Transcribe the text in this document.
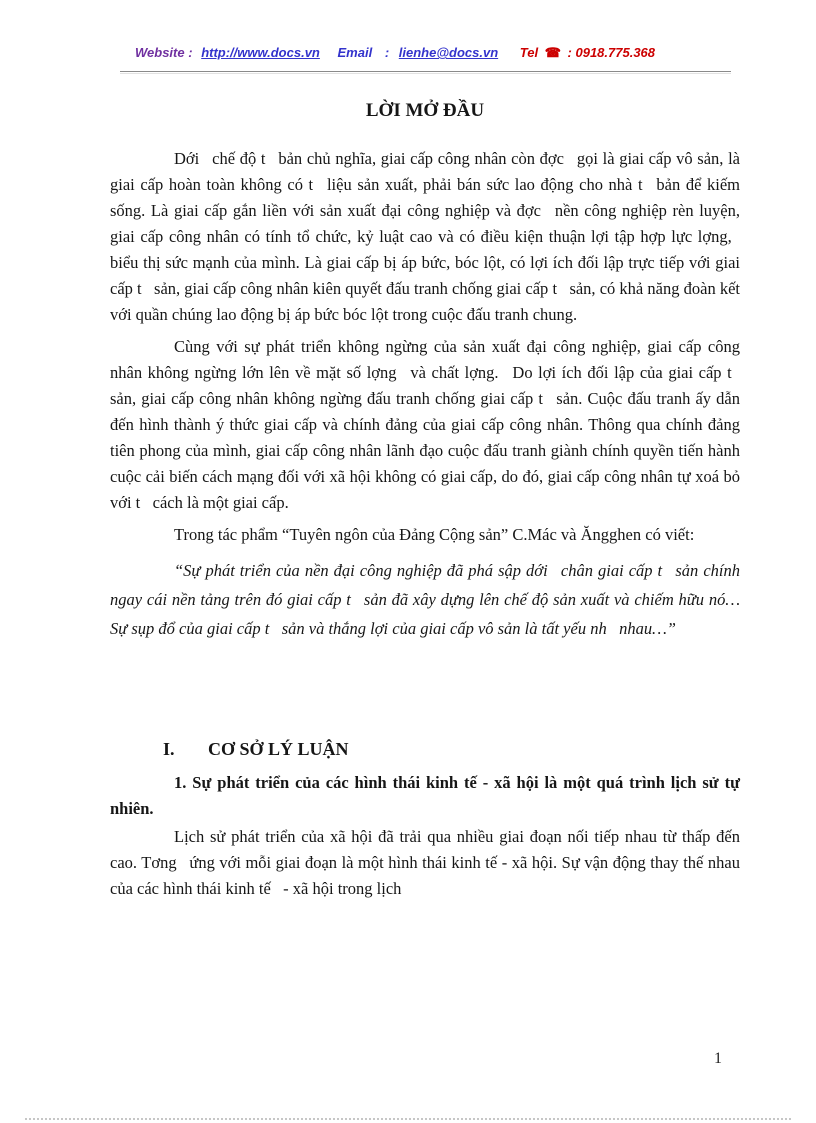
Website : http://www.docs.vn Email : lienhe@docs.vn Tel ☎ : 0918.775.368
LỜI MỞ ĐẦU

Dới  chế độ t  bản chủ nghĩa, giai cấp công nhân còn đợc  gọi là giai cấp vô sản, là giai cấp hoàn toàn không có t  liệu sản xuất, phải bán sức lao động cho nhà t  bản để kiếm sống. Là giai cấp gắn liền với sản xuất đại công nghiệp và đợc  nền công nghiệp rèn luyện, giai cấp công nhân có tính tổ chức, kỷ luật cao và có điều kiện thuận lợi tập hợp lực lợng,  biểu thị sức mạnh của mình. Là giai cấp bị áp bức, bóc lột, có lợi ích đối lập trực tiếp với giai cấp t  sản, giai cấp công nhân kiên quyết đấu tranh chống giai cấp t  sản, có khả năng đoàn kết với quần chúng lao động bị áp bức bóc lột trong cuộc đấu tranh chung.

Cùng với sự phát triển không ngừng của sản xuất đại công nghiệp, giai cấp công nhân không ngừng lớn lên về mặt số lợng  và chất lợng.  Do lợi ích đối lập của giai cấp t  sản, giai cấp công nhân không ngừng đấu tranh chống giai cấp t  sản. Cuộc đấu tranh ấy dẫn đến hình thành ý thức giai cấp và chính đảng của giai cấp công nhân. Thông qua chính đảng tiên phong của mình, giai cấp công nhân lãnh đạo cuộc đấu tranh giành chính quyền tiến hành cuộc cải biến cách mạng đối với xã hội không có giai cấp, do đó, giai cấp công nhân tự xoá bỏ với t  cách là một giai cấp.

Trong tác phẩm “Tuyên ngôn của Đảng Cộng sản” C.Mác và Ăngghen có viết:

“Sự phát triển của nền đại công nghiệp đã phá sập dới  chân giai cấp t  sản chính ngay cái nền tảng trên đó giai cấp t  sản đã xây dựng lên chế độ sản xuất và chiếm hữu nó… Sự sụp đổ của giai cấp t  sản và thắng lợi của giai cấp vô sản là tất yếu nh  nhau…”

I. CƠ SỞ LÝ LUẬN

1. Sự phát triển của các hình thái kinh tế - xã hội là một quá trình lịch sử tự nhiên.

Lịch sử phát triển của xã hội đã trải qua nhiều giai đoạn nối tiếp nhau từ thấp đến cao. Tơng  ứng với mỗi giai đoạn là một hình thái kinh tế - xã hội. Sự vận động thay thế nhau của các hình thái kinh tế  - xã hội trong lịch

1
